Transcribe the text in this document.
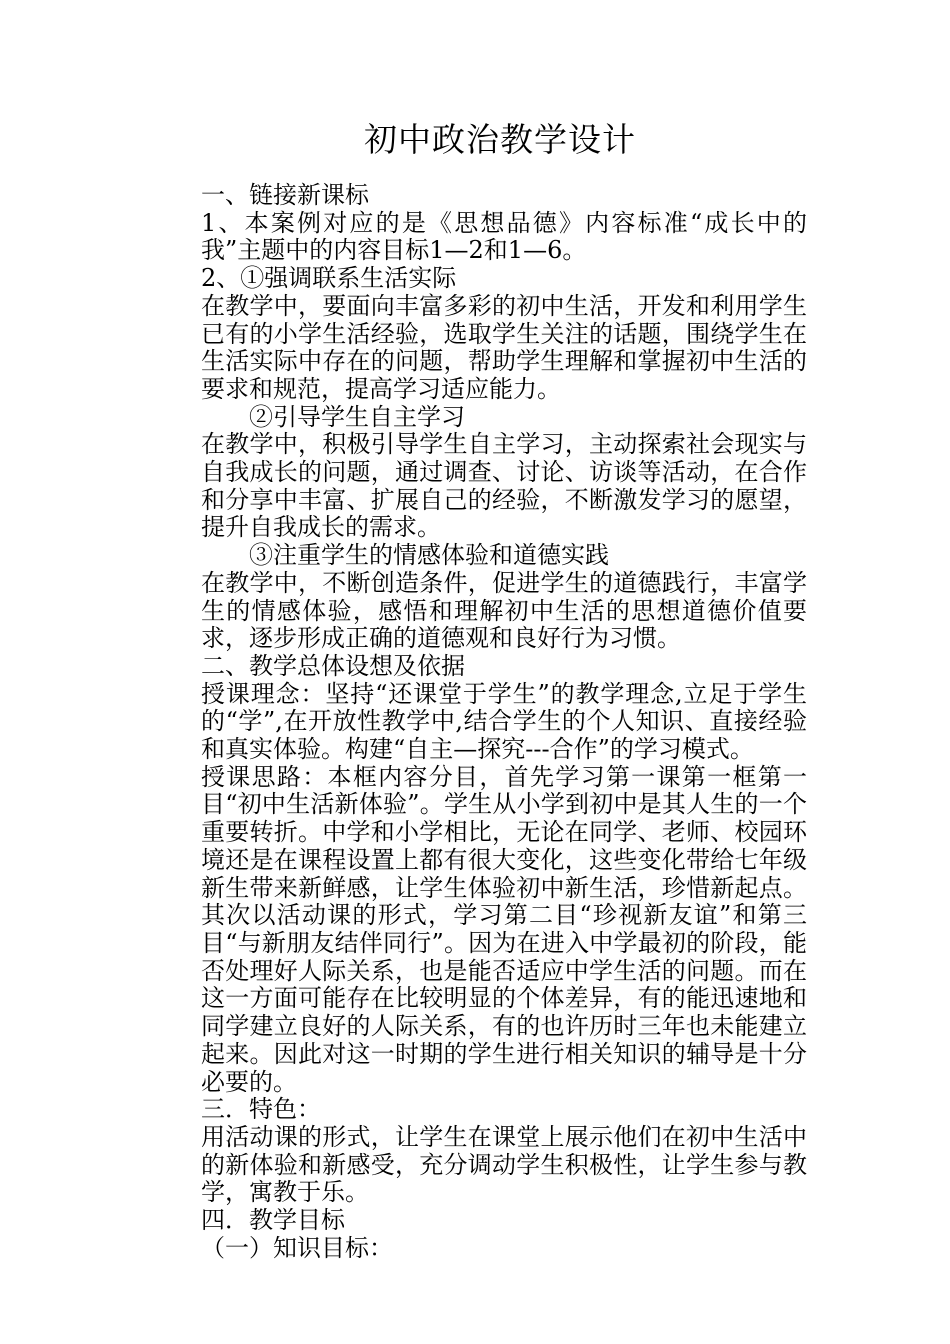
初中政治教学设计

一、链接新课标

1、本案例对应的是《思想品德》内容标准“成长中的我”主题中的内容目标1—2和1—6。

2、①强调联系生活实际

在教学中，要面向丰富多彩的初中生活，开发和利用学生已有的小学生活经验，选取学生关注的话题，围绕学生在生活实际中存在的问题，帮助学生理解和掌握初中生活的要求和规范，提高学习适应能力。

②引导学生自主学习

在教学中，积极引导学生自主学习，主动探索社会现实与自我成长的问题，通过调查、讨论、访谈等活动，在合作和分享中丰富、扩展自己的经验，不断激发学习的愿望，提升自我成长的需求。

③注重学生的情感体验和道德实践

在教学中，不断创造条件，促进学生的道德践行，丰富学生的情感体验，感悟和理解初中生活的思想道德价值要求，逐步形成正确的道德观和良好行为习惯。

二、教学总体设想及依据

授课理念：坚持“还课堂于学生”的教学理念,立足于学生的“学”,在开放性教学中,结合学生的个人知识、直接经验和真实体验。构建“自主—探究---合作”的学习模式。

授课思路：本框内容分目，首先学习第一课第一框第一目“初中生活新体验”。学生从小学到初中是其人生的一个重要转折。中学和小学相比，无论在同学、老师、校园环境还是在课程设置上都有很大变化，这些变化带给七年级新生带来新鲜感，让学生体验初中新生活，珍惜新起点。其次以活动课的形式，学习第二目“珍视新友谊”和第三目“与新朋友结伴同行”。因为在进入中学最初的阶段，能否处理好人际关系，也是能否适应中学生活的问题。而在这一方面可能存在比较明显的个体差异，有的能迅速地和同学建立良好的人际关系，有的也许历时三年也未能建立起来。因此对这一时期的学生进行相关知识的辅导是十分必要的。

三．特色：

用活动课的形式，让学生在课堂上展示他们在初中生活中的新体验和新感受，充分调动学生积极性，让学生参与教学，寓教于乐。

四．教学目标

（一）知识目标：
